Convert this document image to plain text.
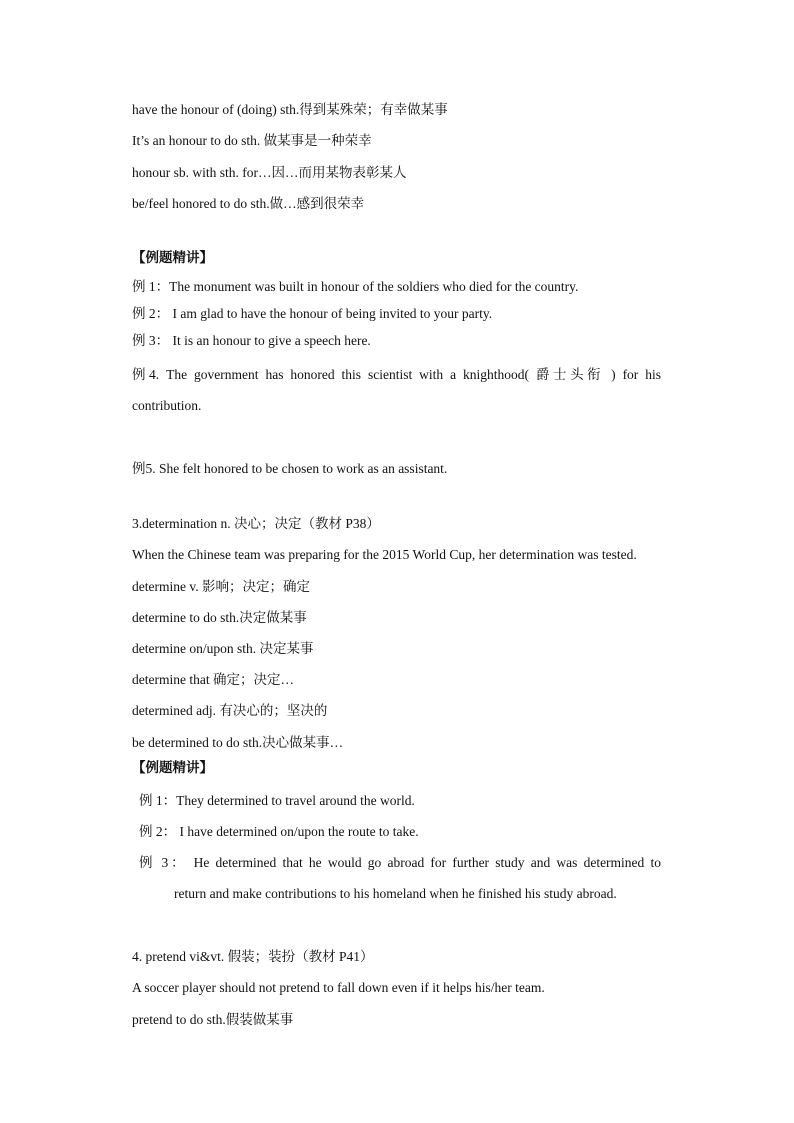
have the honour of (doing) sth.得到某殊荣；有幸做某事
It’s an honour to do sth. 做某事是一种荣幸
honour sb. with sth. for…因…而用某物表彰某人
be/feel honored to do sth.做…感到很荣幸
【例题精讲】
例 1：The monument was built in honour of the soldiers who died for the country.
例 2： I am glad to have the honour of being invited to your party.
例 3： It is an honour to give a speech here.
例4. The government has honored this scientist with a knighthood( 爵士头衔 ) for his
contribution.
例5. She felt honored to be chosen to work as an assistant.
3.determination n. 决心；决定（教材 P38）
When the Chinese team was preparing for the 2015 World Cup, her determination was tested.
determine v. 影响；决定；确定
determine to do sth.决定做某事
determine on/upon sth. 决定某事
determine that 确定；决定…
determined adj. 有决心的；坚决的
be determined to do sth.决心做某事…
【例题精讲】
例 1：They determined to travel around the world.
例 2： I have determined on/upon the route to take.
例 3： He determined that he would go abroad for further study and was determined to
return and make contributions to his homeland when he finished his study abroad.
4. pretend vi&vt. 假装；装扮（教材 P41）
A soccer player should not pretend to fall down even if it helps his/her team.
pretend to do sth.假装做某事
